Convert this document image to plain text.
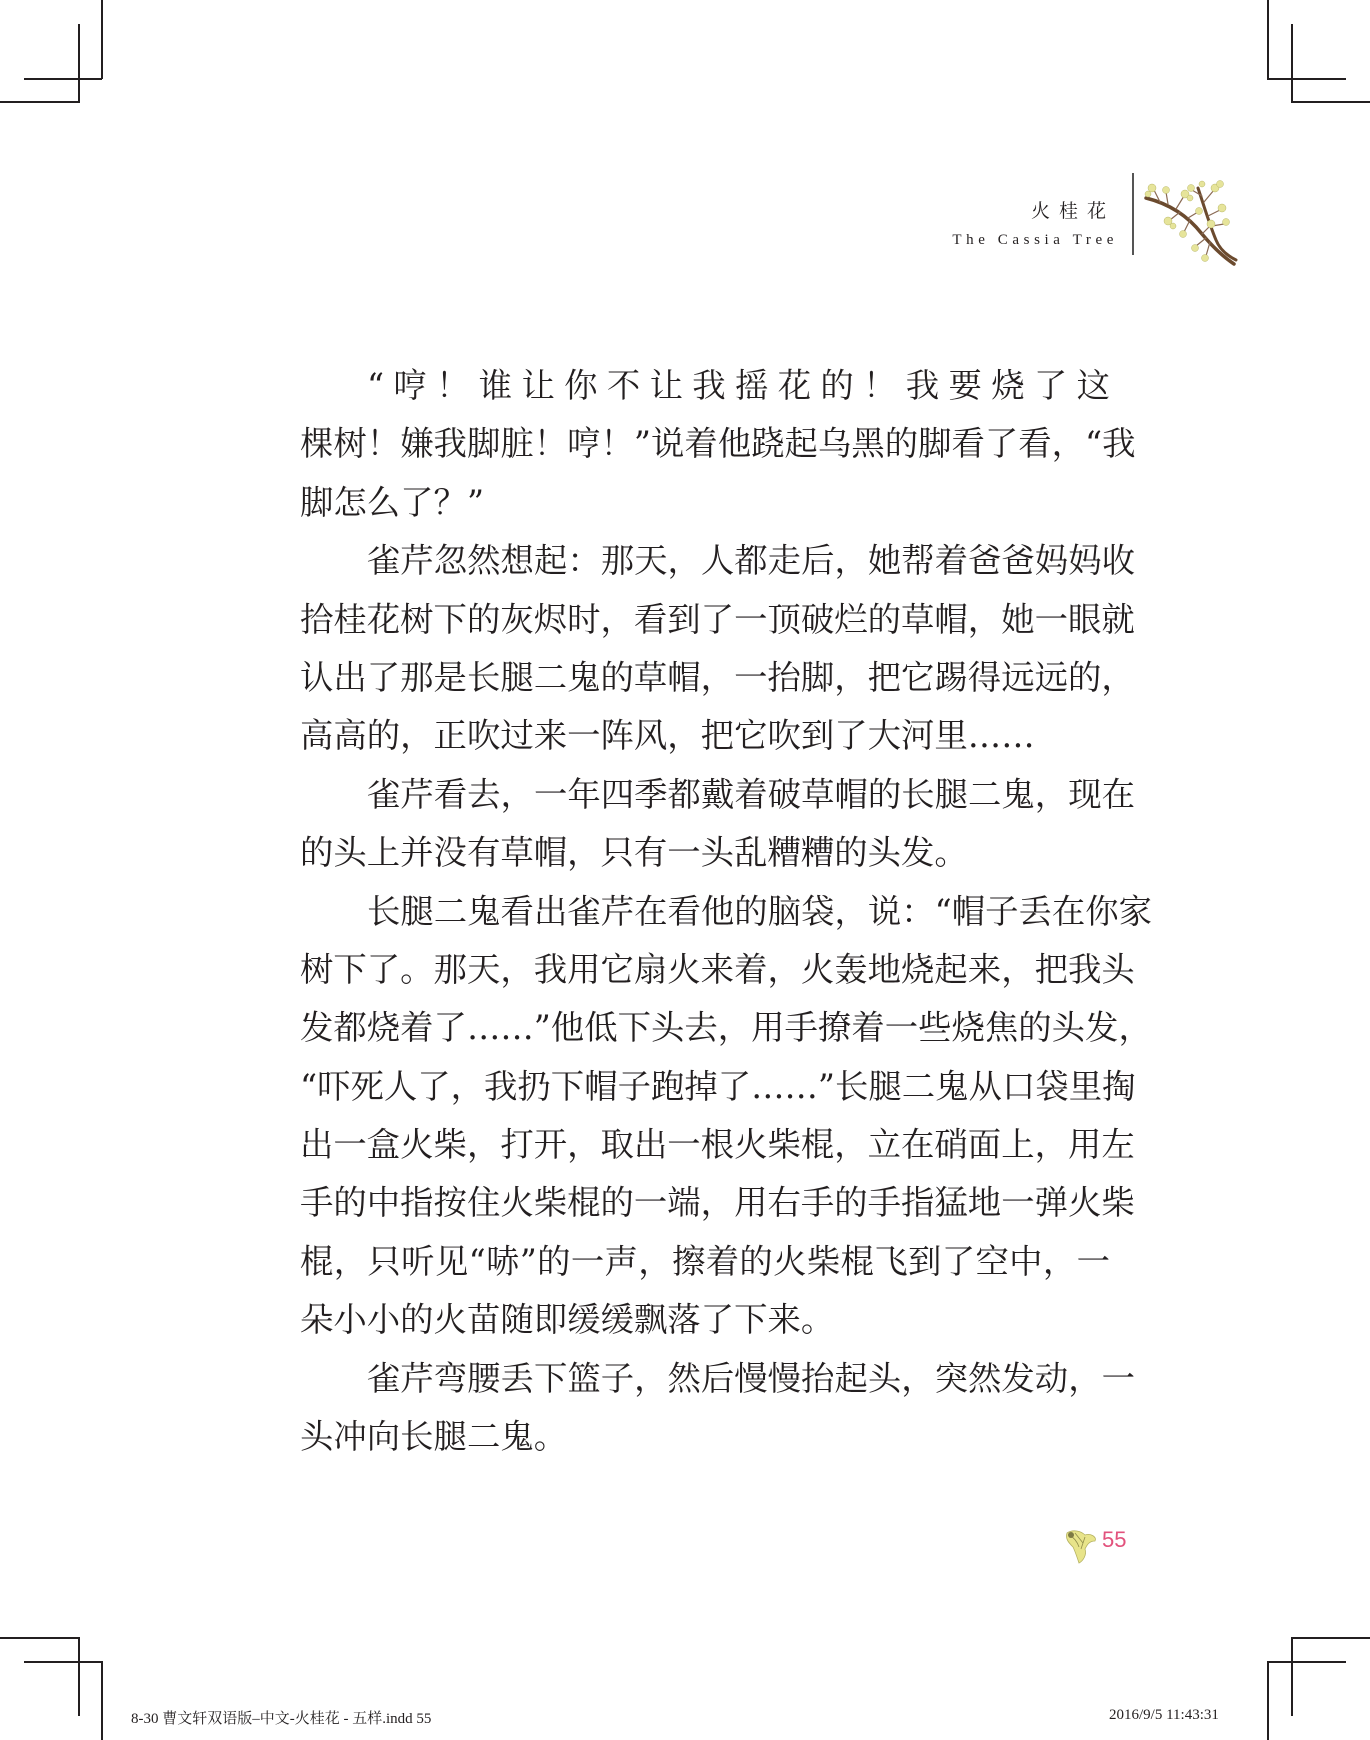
火桂花
The Cassia Tree
“哼！谁让你不让我摇花的！我要烧了这
棵树！嫌我脚脏！哼！”说着他跷起乌黑的脚看了看，“我
脚怎么了？”
雀芹忽然想起：那天，人都走后，她帮着爸爸妈妈收
拾桂花树下的灰烬时，看到了一顶破烂的草帽，她一眼就
认出了那是长腿二鬼的草帽，一抬脚，把它踢得远远的，
高高的，正吹过来一阵风，把它吹到了大河里……
雀芹看去，一年四季都戴着破草帽的长腿二鬼，现在
的头上并没有草帽，只有一头乱糟糟的头发。
长腿二鬼看出雀芹在看他的脑袋，说：“帽子丢在你家
树下了。那天，我用它扇火来着，火轰地烧起来，把我头
发都烧着了……”他低下头去，用手撩着一些烧焦的头发，
“吓死人了，我扔下帽子跑掉了……”长腿二鬼从口袋里掏
出一盒火柴，打开，取出一根火柴棍，立在硝面上，用左
手的中指按住火柴棍的一端，用右手的手指猛地一弹火柴
棍，只听见“哧”的一声，擦着的火柴棍飞到了空中，一
朵小小的火苗随即缓缓飘落了下来。
雀芹弯腰丢下篮子，然后慢慢抬起头，突然发动，一
头冲向长腿二鬼。
55
8-30 曹文轩双语版–中文-火桂花 - 五样.indd 55	2016/9/5 11:43:31
